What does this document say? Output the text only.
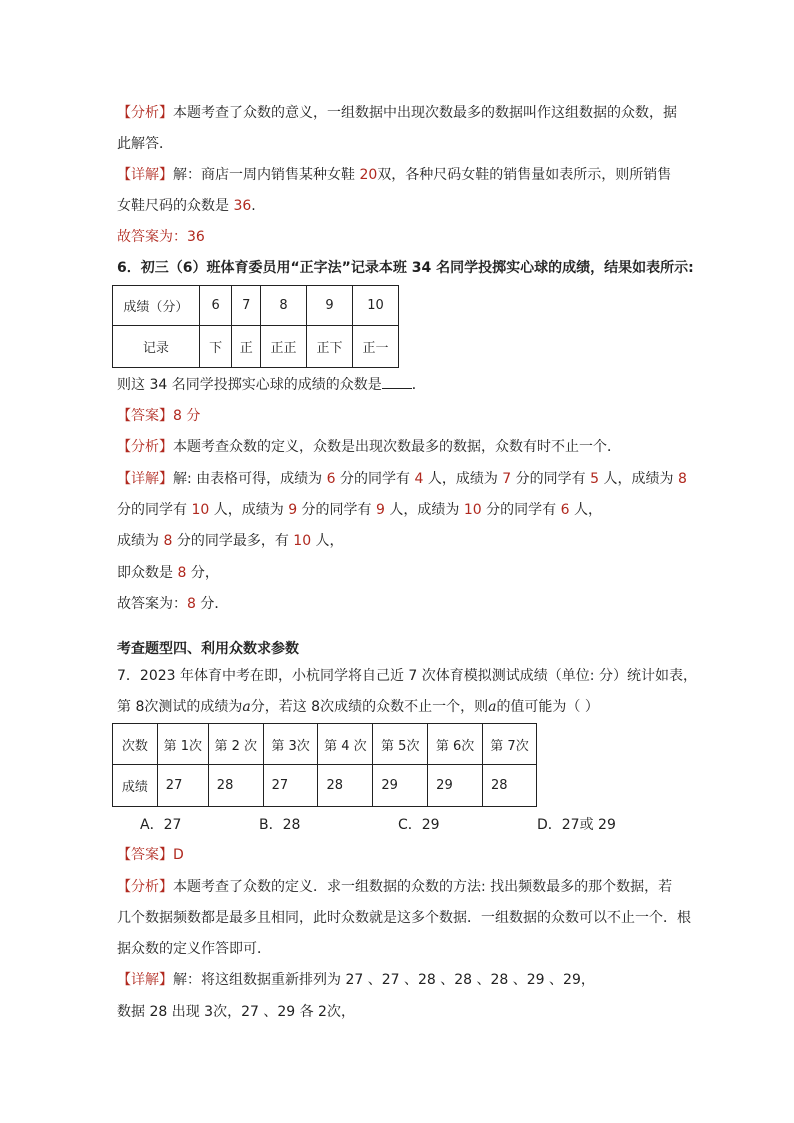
【分析】本题考查了众数的意义，一组数据中出现次数最多的数据叫作这组数据的众数，据
此解答．
【详解】解：商店一周内销售某种女鞋 20双，各种尺码女鞋的销售量如表所示，则所销售
女鞋尺码的众数是 36.
故答案为：36
6．初三（6）班体育委员用“正字法”记录本班 34 名同学投掷实心球的成绩，结果如表所示:
成绩（分）	6	7	8	9	10
记录	下	正	正正	正下	正一
则这 34 名同学投掷实心球的成绩的众数是 ．
【答案】8 分
【分析】本题考查众数的定义，众数是出现次数最多的数据，众数有时不止一个．
【详解】解: 由表格可得，成绩为 6 分的同学有 4 人，成绩为 7 分的同学有 5 人，成绩为 8
分的同学有 10 人，成绩为 9 分的同学有 9 人，成绩为 10 分的同学有 6 人，
成绩为 8 分的同学最多，有 10 人，
即众数是 8 分，
故答案为：8 分．
考查题型四、利用众数求参数
7．2023 年体育中考在即，小杭同学将自己近 7 次体育模拟测试成绩（单位: 分）统计如表，
第 8次测试的成绩为a分，若这 8次成绩的众数不止一个，则a的值可能为（ ）
次数	第 1次	第 2 次	第 3次	第 4 次	第 5次	第 6次	第 7次
成绩	27	28	27	28	29	29	28
A．27	B．28	C．29	D．27或 29
【答案】D
【分析】本题考查了众数的定义．求一组数据的众数的方法: 找出频数最多的那个数据，若
几个数据频数都是最多且相同，此时众数就是这多个数据．一组数据的众数可以不止一个．根
据众数的定义作答即可．
【详解】解：将这组数据重新排列为 27 、27 、28 、28 、28 、29 、29，
数据 28 出现 3次，27 、29 各 2次，
